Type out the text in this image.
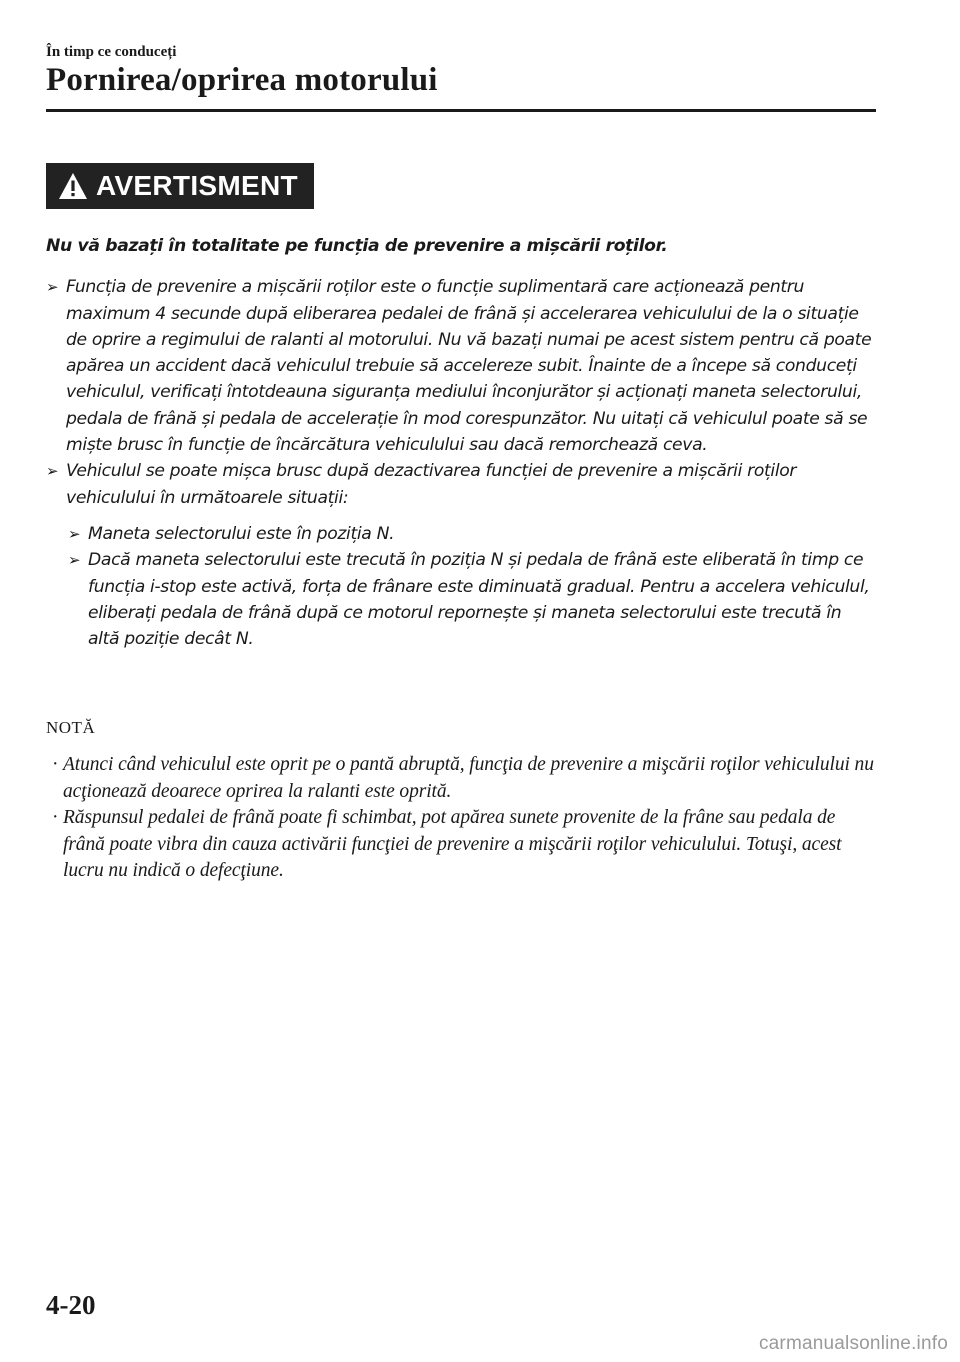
În timp ce conduceți
Pornirea/oprirea motorului
AVERTISMENT

Nu vă bazați în totalitate pe funcția de prevenire a mișcării roților.

➢ Funcția de prevenire a mișcării roților este o funcție suplimentară care acționează pentru maximum 4 secunde după eliberarea pedalei de frână și accelerarea vehiculului de la o situație de oprire a regimului de ralanti al motorului. Nu vă bazați numai pe acest sistem pentru că poate apărea un accident dacă vehiculul trebuie să accelereze subit. Înainte de a începe să conduceți vehiculul, verificați întotdeauna siguranța mediului înconjurător și acționați maneta selectorului, pedala de frână și pedala de accelerație în mod corespunzător. Nu uitați că vehiculul poate să se miște brusc în funcție de încărcătura vehiculului sau dacă remorchează ceva.
➢ Vehiculul se poate mișca brusc după dezactivarea funcției de prevenire a mișcării roților vehiculului în următoarele situații:
➢ Maneta selectorului este în poziția N.
➢ Dacă maneta selectorului este trecută în poziția N și pedala de frână este eliberată în timp ce funcția i-stop este activă, forța de frânare este diminuată gradual. Pentru a accelera vehiculul, eliberați pedala de frână după ce motorul repornește și maneta selectorului este trecută în altă poziție decât N.

NOTĂ

· Atunci când vehiculul este oprit pe o pantă abruptă, funcţia de prevenire a mişcării roţilor vehiculului nu acţionează deoarece oprirea la ralanti este oprită.
· Răspunsul pedalei de frână poate fi schimbat, pot apărea sunete provenite de la frâne sau pedala de frână poate vibra din cauza activării funcţiei de prevenire a mişcării roţilor vehiculului. Totuşi, acest lucru nu indică o defecţiune.
4-20
carmanualsonline.info
